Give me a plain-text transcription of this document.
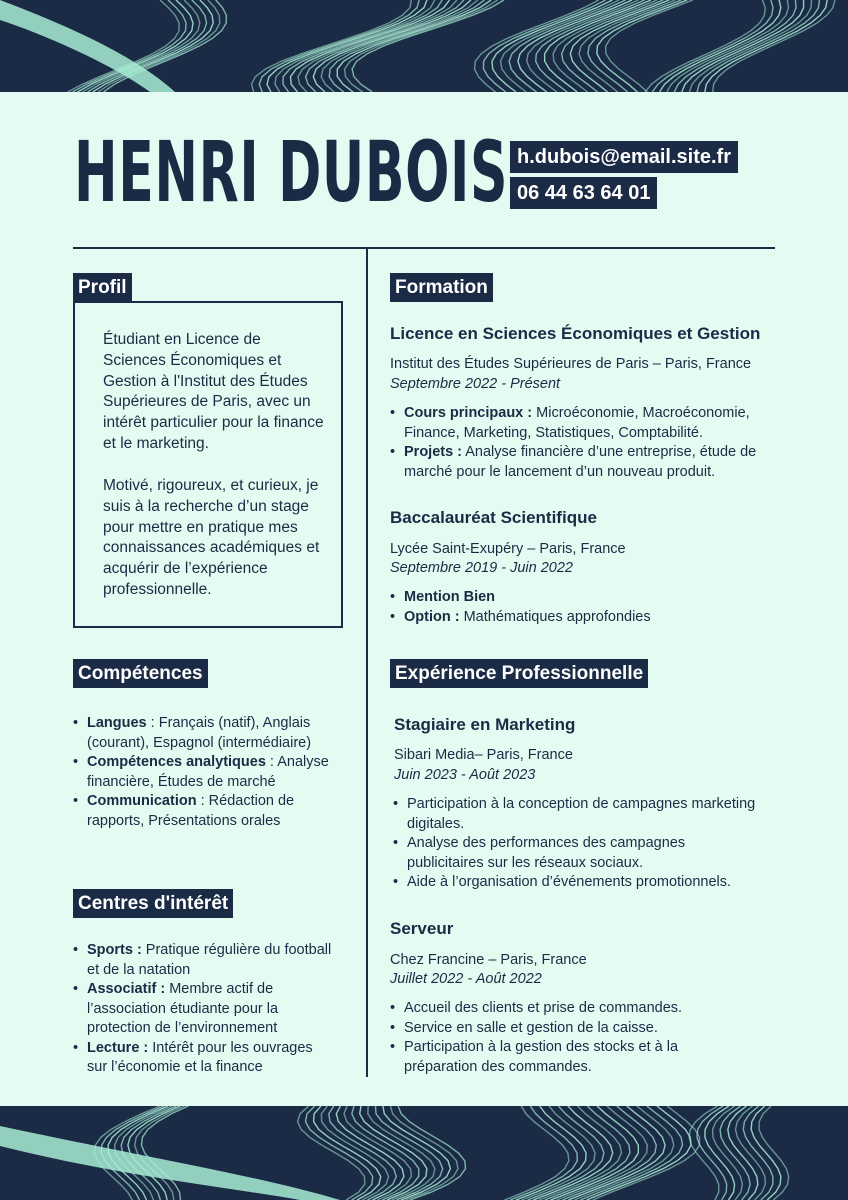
HENRI DUBOIS h.dubois@email.site.fr
06 44 63 64 01
Profil

Étudiant en Licence de Sciences Économiques et Gestion à l'Institut des Études Supérieures de Paris, avec un intérêt particulier pour la finance et le marketing.

Motivé, rigoureux, et curieux, je suis à la recherche d’un stage pour mettre en pratique mes connaissances académiques et acquérir de l’expérience professionnelle.

Compétences
• Langues : Français (natif), Anglais (courant), Espagnol (intermédiaire)
• Compétences analytiques : Analyse financière, Études de marché
• Communication : Rédaction de rapports, Présentations orales
Centres d'intérêt
• Sports : Pratique régulière du football et de la natation
• Associatif : Membre actif de l’association étudiante pour la protection de l’environnement
• Lecture : Intérêt pour les ouvrages sur l’économie et la finance
Formation
Licence en Sciences Économiques et Gestion
Institut des Études Supérieures de Paris – Paris, France
Septembre 2022 - Présent
• Cours principaux : Microéconomie, Macroéconomie, Finance, Marketing, Statistiques, Comptabilité.
• Projets : Analyse financière d’une entreprise, étude de marché pour le lancement d’un nouveau produit.
Baccalauréat Scientifique
Lycée Saint-Exupéry – Paris, France
Septembre 2019 - Juin 2022
• Mention Bien
• Option : Mathématiques approfondies
Expérience Professionnelle
Stagiaire en Marketing
Sibari Media– Paris, France
Juin 2023 - Août 2023
• Participation à la conception de campagnes marketing digitales.
• Analyse des performances des campagnes publicitaires sur les réseaux sociaux.
• Aide à l’organisation d’événements promotionnels.
Serveur
Chez Francine – Paris, France
Juillet 2022 - Août 2022
• Accueil des clients et prise de commandes.
• Service en salle et gestion de la caisse.
• Participation à la gestion des stocks et à la préparation des commandes.
